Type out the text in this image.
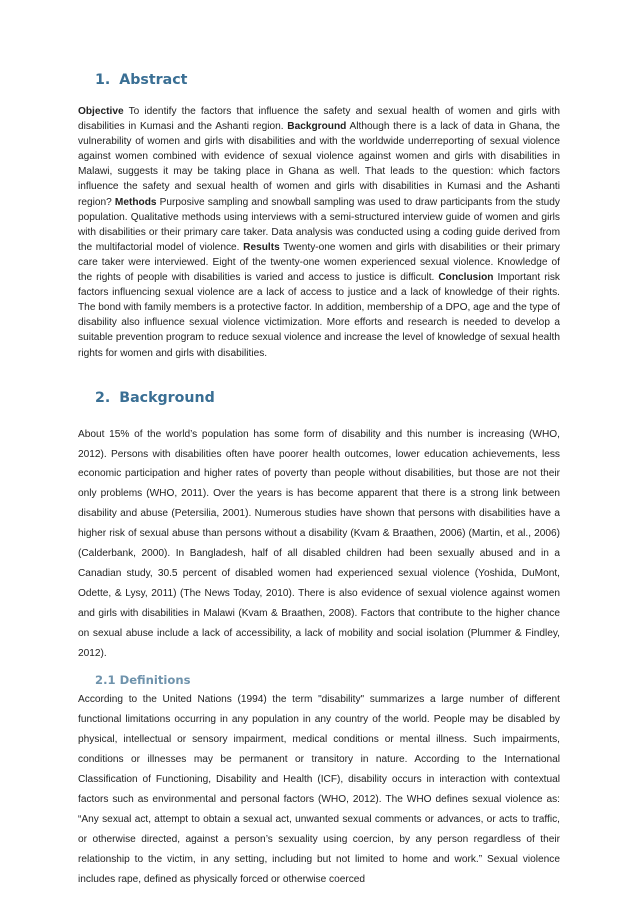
1. Abstract

Objective To identify the factors that influence the safety and sexual health of women and girls with disabilities in Kumasi and the Ashanti region. Background Although there is a lack of data in Ghana, the vulnerability of women and girls with disabilities and with the worldwide underreporting of sexual violence against women combined with evidence of sexual violence against women and girls with disabilities in Malawi, suggests it may be taking place in Ghana as well. That leads to the question: which factors influence the safety and sexual health of women and girls with disabilities in Kumasi and the Ashanti region? Methods Purposive sampling and snowball sampling was used to draw participants from the study population. Qualitative methods using interviews with a semi-structured interview guide of women and girls with disabilities or their primary care taker. Data analysis was conducted using a coding guide derived from the multifactorial model of violence. Results Twenty-one women and girls with disabilities or their primary care taker were interviewed. Eight of the twenty-one women experienced sexual violence. Knowledge of the rights of people with disabilities is varied and access to justice is difficult. Conclusion Important risk factors influencing sexual violence are a lack of access to justice and a lack of knowledge of their rights. The bond with family members is a protective factor. In addition, membership of a DPO, age and the type of disability also influence sexual violence victimization. More efforts and research is needed to develop a suitable prevention program to reduce sexual violence and increase the level of knowledge of sexual health rights for women and girls with disabilities.

2. Background

About 15% of the world’s population has some form of disability and this number is increasing (WHO, 2012). Persons with disabilities often have poorer health outcomes, lower education achievements, less economic participation and higher rates of poverty than people without disabilities, but those are not their only problems (WHO, 2011). Over the years is has become apparent that there is a strong link between disability and abuse (Petersilia, 2001). Numerous studies have shown that persons with disabilities have a higher risk of sexual abuse than persons without a disability (Kvam & Braathen, 2006) (Martin, et al., 2006) (Calderbank, 2000). In Bangladesh, half of all disabled children had been sexually abused and in a Canadian study, 30.5 percent of disabled women had experienced sexual violence (Yoshida, DuMont, Odette, & Lysy, 2011) (The News Today, 2010). There is also evidence of sexual violence against women and girls with disabilities in Malawi (Kvam & Braathen, 2008). Factors that contribute to the higher chance on sexual abuse include a lack of accessibility, a lack of mobility and social isolation (Plummer & Findley, 2012).

2.1 Definitions

According to the United Nations (1994) the term "disability" summarizes a large number of different functional limitations occurring in any population in any country of the world. People may be disabled by physical, intellectual or sensory impairment, medical conditions or mental illness. Such impairments, conditions or illnesses may be permanent or transitory in nature. According to the International Classification of Functioning, Disability and Health (ICF), disability occurs in interaction with contextual factors such as environmental and personal factors (WHO, 2012). The WHO defines sexual violence as: “Any sexual act, attempt to obtain a sexual act, unwanted sexual comments or advances, or acts to traffic, or otherwise directed, against a person’s sexuality using coercion, by any person regardless of their relationship to the victim, in any setting, including but not limited to home and work.” Sexual violence includes rape, defined as physically forced or otherwise coerced
